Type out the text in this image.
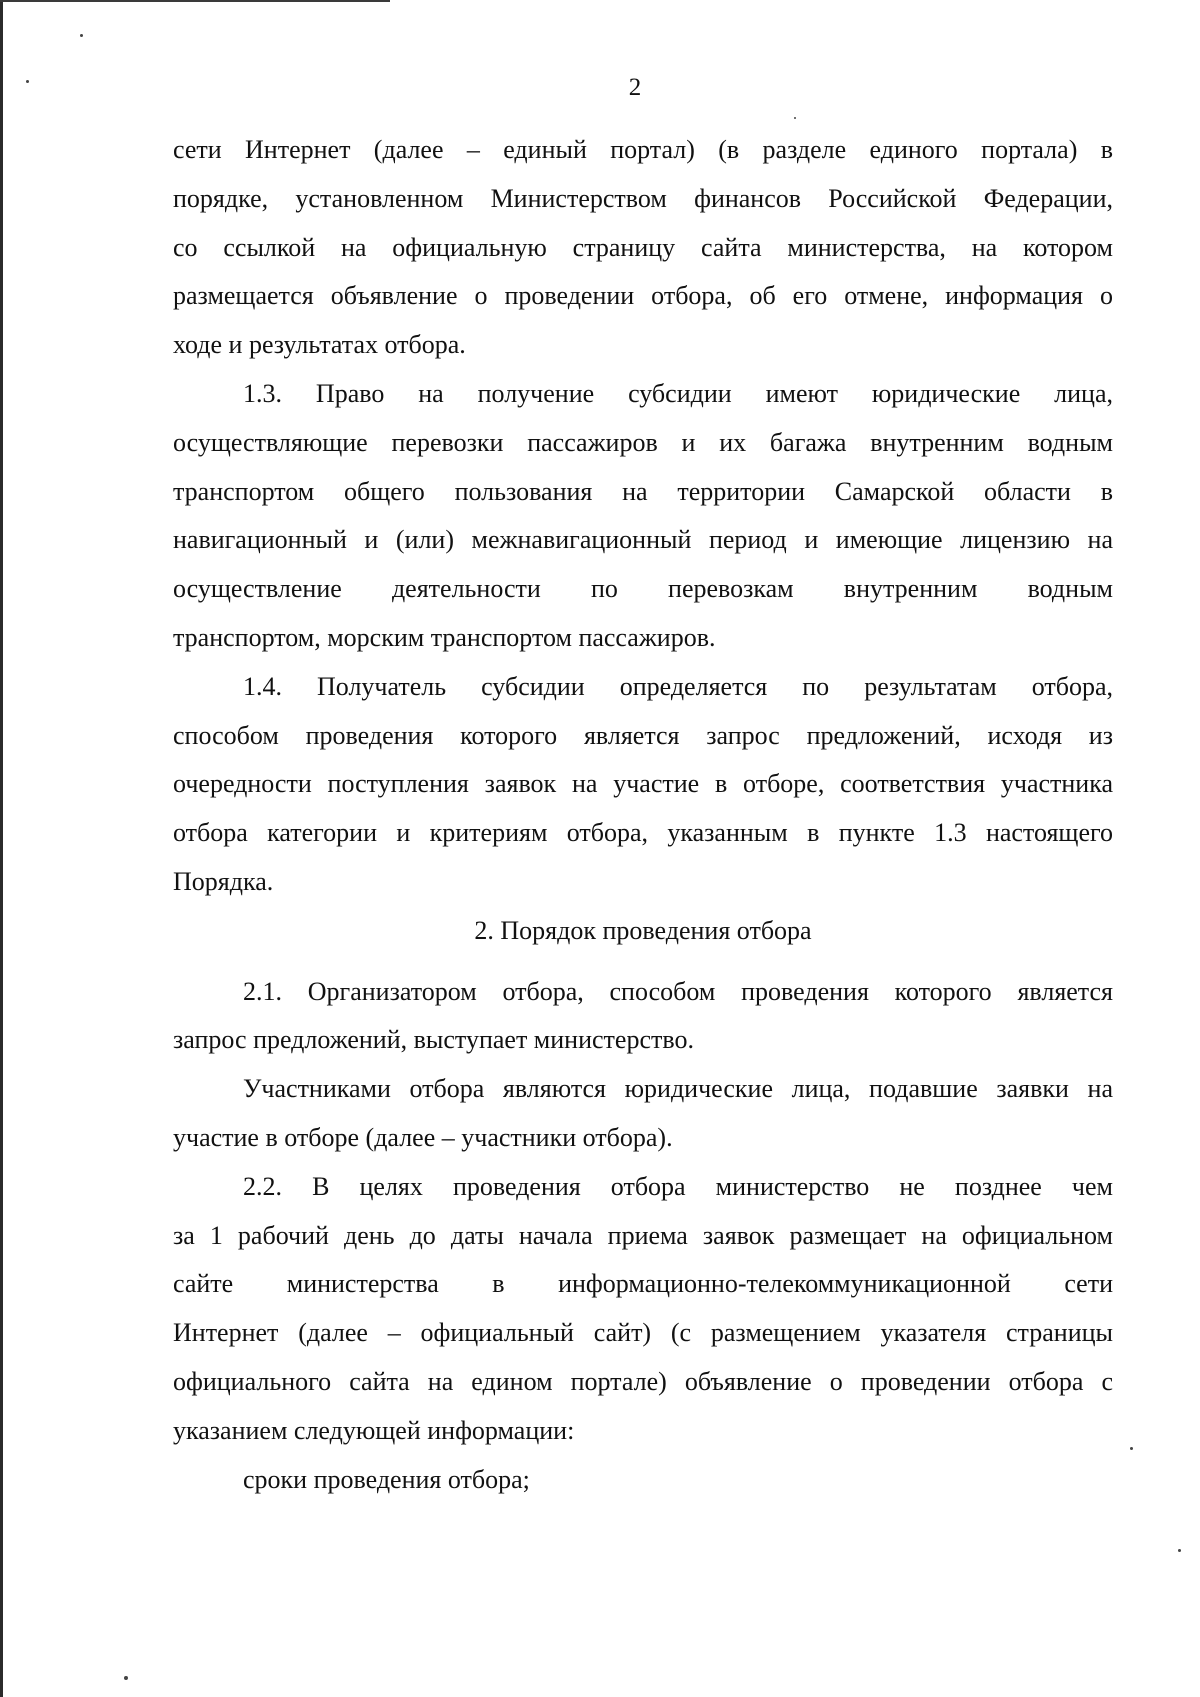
2

сети Интернет (далее – единый портал) (в разделе единого портала) в

порядке, установленном Министерством финансов Российской Федерации,

со ссылкой на официальную страницу сайта министерства, на котором

размещается объявление о проведении отбора, об его отмене, информация о

ходе и результатах отбора.

1.3. Право на получение субсидии имеют юридические лица,

осуществляющие перевозки пассажиров и их багажа внутренним водным

транспортом общего пользования на территории Самарской области в

навигационный и (или) межнавигационный период и имеющие лицензию на

осуществление деятельности по перевозкам внутренним водным

транспортом, морским транспортом пассажиров.

1.4. Получатель субсидии определяется по результатам отбора,

способом проведения которого является запрос предложений, исходя из

очередности поступления заявок на участие в отборе, соответствия участника

отбора категории и критериям отбора, указанным в пункте 1.3 настоящего

Порядка.

2. Порядок проведения отбора

2.1. Организатором отбора, способом проведения которого является

запрос предложений, выступает министерство.

Участниками отбора являются юридические лица, подавшие заявки на

участие в отборе (далее – участники отбора).

2.2. В целях проведения отбора министерство не позднее чем

за 1 рабочий день до даты начала приема заявок размещает на официальном

сайте министерства в информационно-телекоммуникационной сети

Интернет (далее – официальный сайт) (с размещением указателя страницы

официального сайта на едином портале) объявление о проведении отбора с

указанием следующей информации:

сроки проведения отбора;
